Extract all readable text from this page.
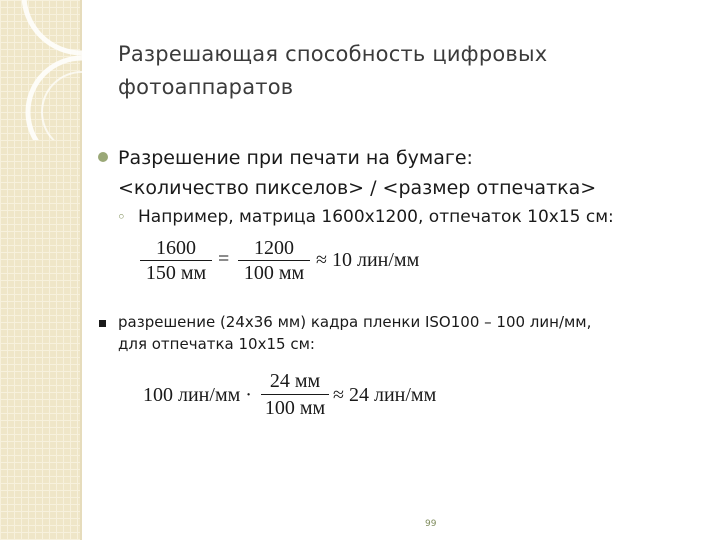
Разрешающая способность цифровых
фотоаппаратов
Разрешение при печати на бумаге:
<количество пикселов> / <размер отпечатка>
◦ Например, матрица 1600х1200, отпечаток 10х15 см:
1600
150 мм
=	1200
100 мм
≈ 10 лин/мм
разрешение (24х36 мм) кадра пленки ISO100 – 100 лин/мм,
для отпечатка 10х15 см:
100 лин/мм ·
24 мм
100 мм
≈ 24 лин/мм
99
